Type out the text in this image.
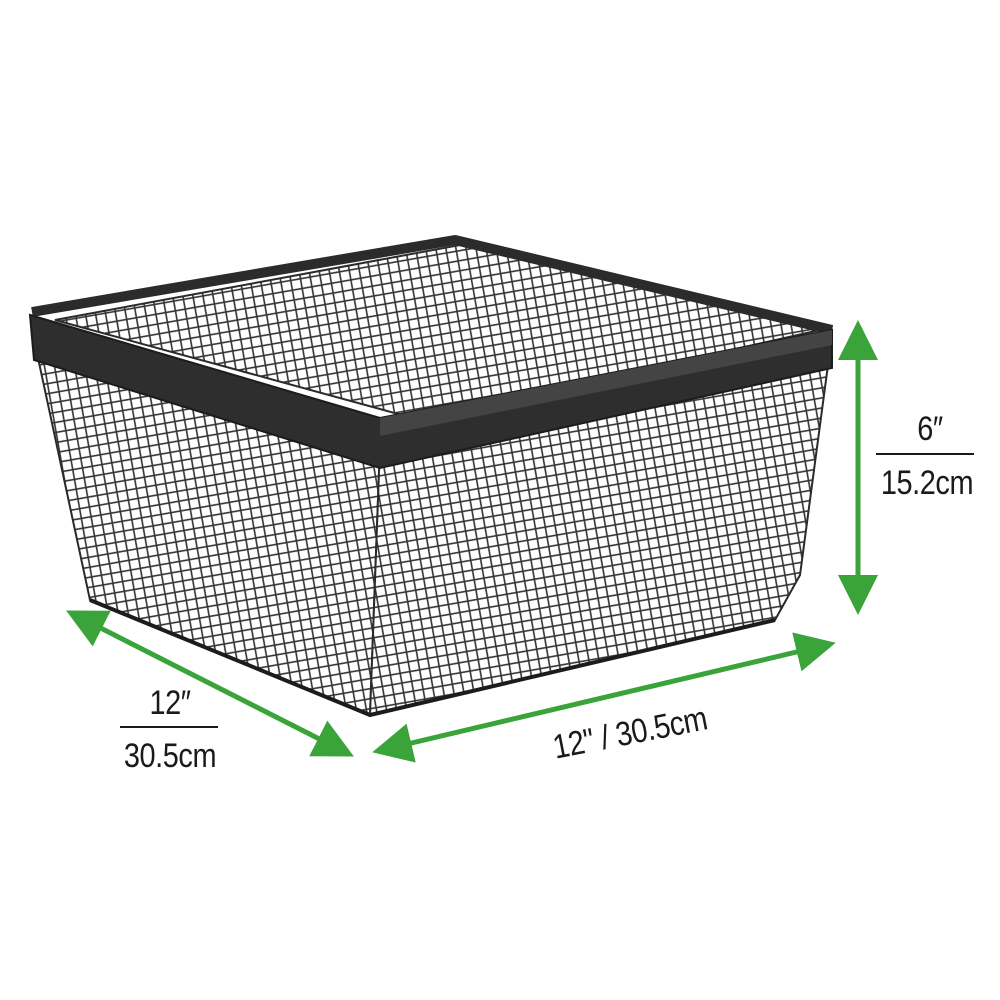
6″
15.2cm
12″
30.5cm	12" / 30.5cm
